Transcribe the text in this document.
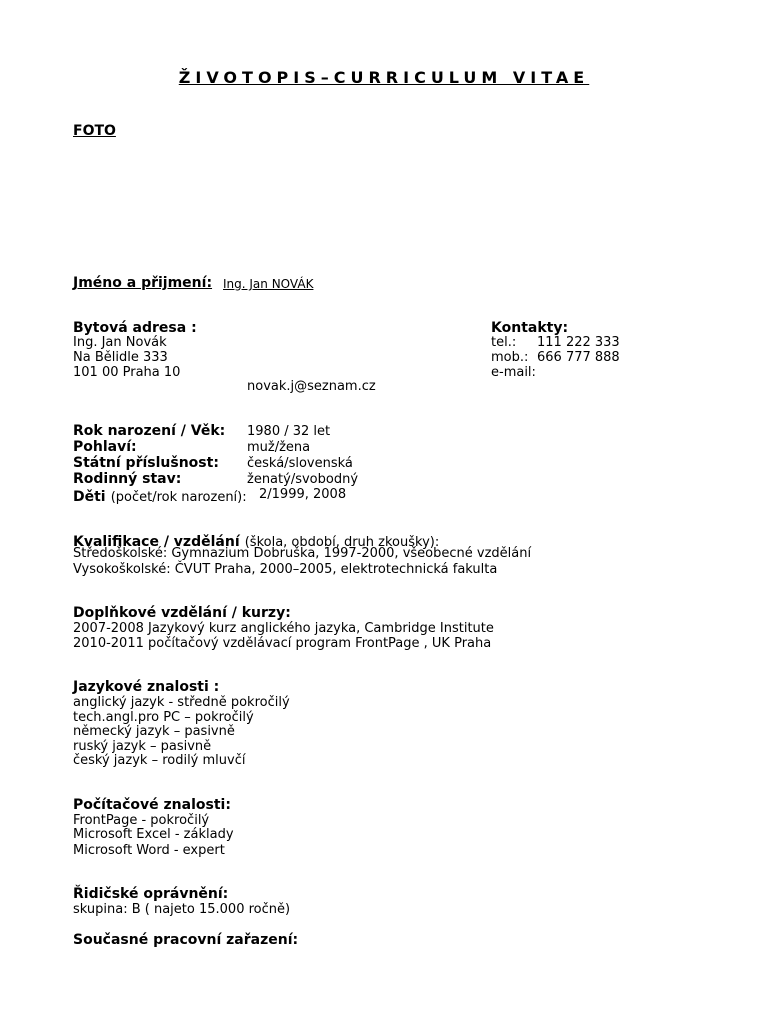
ŽIVOTOPIS–CURRICULUM VITAE
FOTO
Jméno a přijmení: Ing. Jan NOVÁK
Bytová adresa :
Ing. Jan Novák
Na Bělidle 333
101 00 Praha 10
Kontakty:
tel.: 111 222 333
mob.: 666 777 888
e-mail:
novak.j@seznam.cz
Rok narození / Věk: 1980 / 32 let
Pohlaví:	muž/žena
Státní příslušnost: česká/slovenská
Rodinný stav:	ženatý/svobodný
Děti (počet/rok narození): 2/1999, 2008
Kvalifikace / vzdělání (škola, období, druh zkoušky):
Středoškolské: Gymnazium Dobruška, 1997-2000, všeobecné vzdělání
Vysokoškolské: ČVUT Praha, 2000–2005, elektrotechnická fakulta
Doplňkové vzdělání / kurzy:
2007-2008 Jazykový kurz anglického jazyka, Cambridge Institute
2010-2011 počítačový vzdělávací program FrontPage , UK Praha
Jazykové znalosti :
anglický jazyk - středně pokročilý
tech.angl.pro PC – pokročilý
německý jazyk – pasivně
ruský jazyk – pasivně
český jazyk – rodilý mluvčí
Počítačové znalosti:
FrontPage - pokročilý
Microsoft Excel - základy
Microsoft Word - expert
Řidičské oprávnění:
skupina: B ( najeto 15.000 ročně)
Současné pracovní zařazení:
